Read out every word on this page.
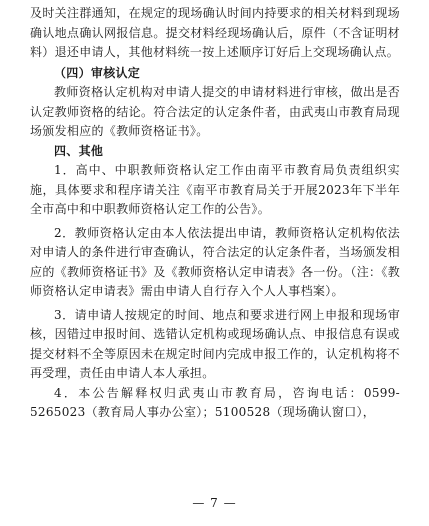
及时关注群通知，在规定的现场确认时间内持要求的相关材料到现场确认地点确认网报信息。提交材料经现场确认后，原件（不含证明材料）退还申请人，其他材料统一按上述顺序订好后上交现场确认点。

（四）审核认定

教师资格认定机构对申请人提交的申请材料进行审核，做出是否认定教师资格的结论。符合法定的认定条件者，由武夷山市教育局现场颁发相应的《教师资格证书》。

四、其他

1．高中、中职教师资格认定工作由南平市教育局负责组织实施，具体要求和程序请关注《南平市教育局关于开展2023年下半年全市高中和中职教师资格认定工作的公告》。

2．教师资格认定由本人依法提出申请，教师资格认定机构依法对申请人的条件进行审查确认，符合法定的认定条件者，当场颁发相应的《教师资格证书》及《教师资格认定申请表》各一份。（注：《教师资格认定申请表》需由申请人自行存入个人人事档案）。

3．请申请人按规定的时间、地点和要求进行网上申报和现场审核，因错过申报时间、选错认定机构或现场确认点、申报信息有误或提交材料不全等原因未在规定时间内完成申报工作的，认定机构将不再受理，责任由申请人本人承担。

4．本公告解释权归武夷山市教育局，咨询电话：0599-5265023（教育局人事办公室）；5100528（现场确认窗口），

— 7 —
